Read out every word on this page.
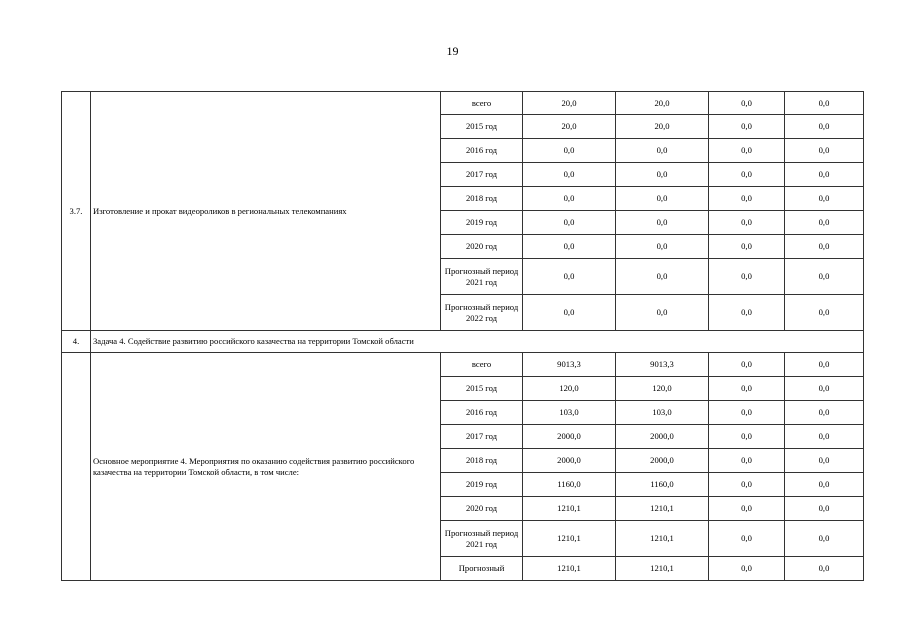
19
3.7.	Изготовление и прокат видеороликов в региональных телекомпаниях	всего	20,0	20,0	0,0	0,0
		2015 год	20,0	20,0	0,0	0,0
		2016 год	0,0	0,0	0,0	0,0
		2017 год	0,0	0,0	0,0	0,0
		2018 год	0,0	0,0	0,0	0,0
		2019 год	0,0	0,0	0,0	0,0
		2020 год	0,0	0,0	0,0	0,0
		Прогнозный период 2021 год	0,0	0,0	0,0	0,0
		Прогнозный период 2022 год	0,0	0,0	0,0	0,0
4.	Задача 4. Содействие развитию российского казачества на территории Томской области					
	Основное мероприятие 4. Мероприятия по оказанию содействия развитию российского казачества на территории Томской области, в том числе:	всего	9013,3	9013,3	0,0	0,0
		2015 год	120,0	120,0	0,0	0,0
		2016 год	103,0	103,0	0,0	0,0
		2017 год	2000,0	2000,0	0,0	0,0
		2018 год	2000,0	2000,0	0,0	0,0
		2019 год	1160,0	1160,0	0,0	0,0
		2020 год	1210,1	1210,1	0,0	0,0
		Прогнозный период 2021 год	1210,1	1210,1	0,0	0,0
		Прогнозный	1210,1	1210,1	0,0	0,0
